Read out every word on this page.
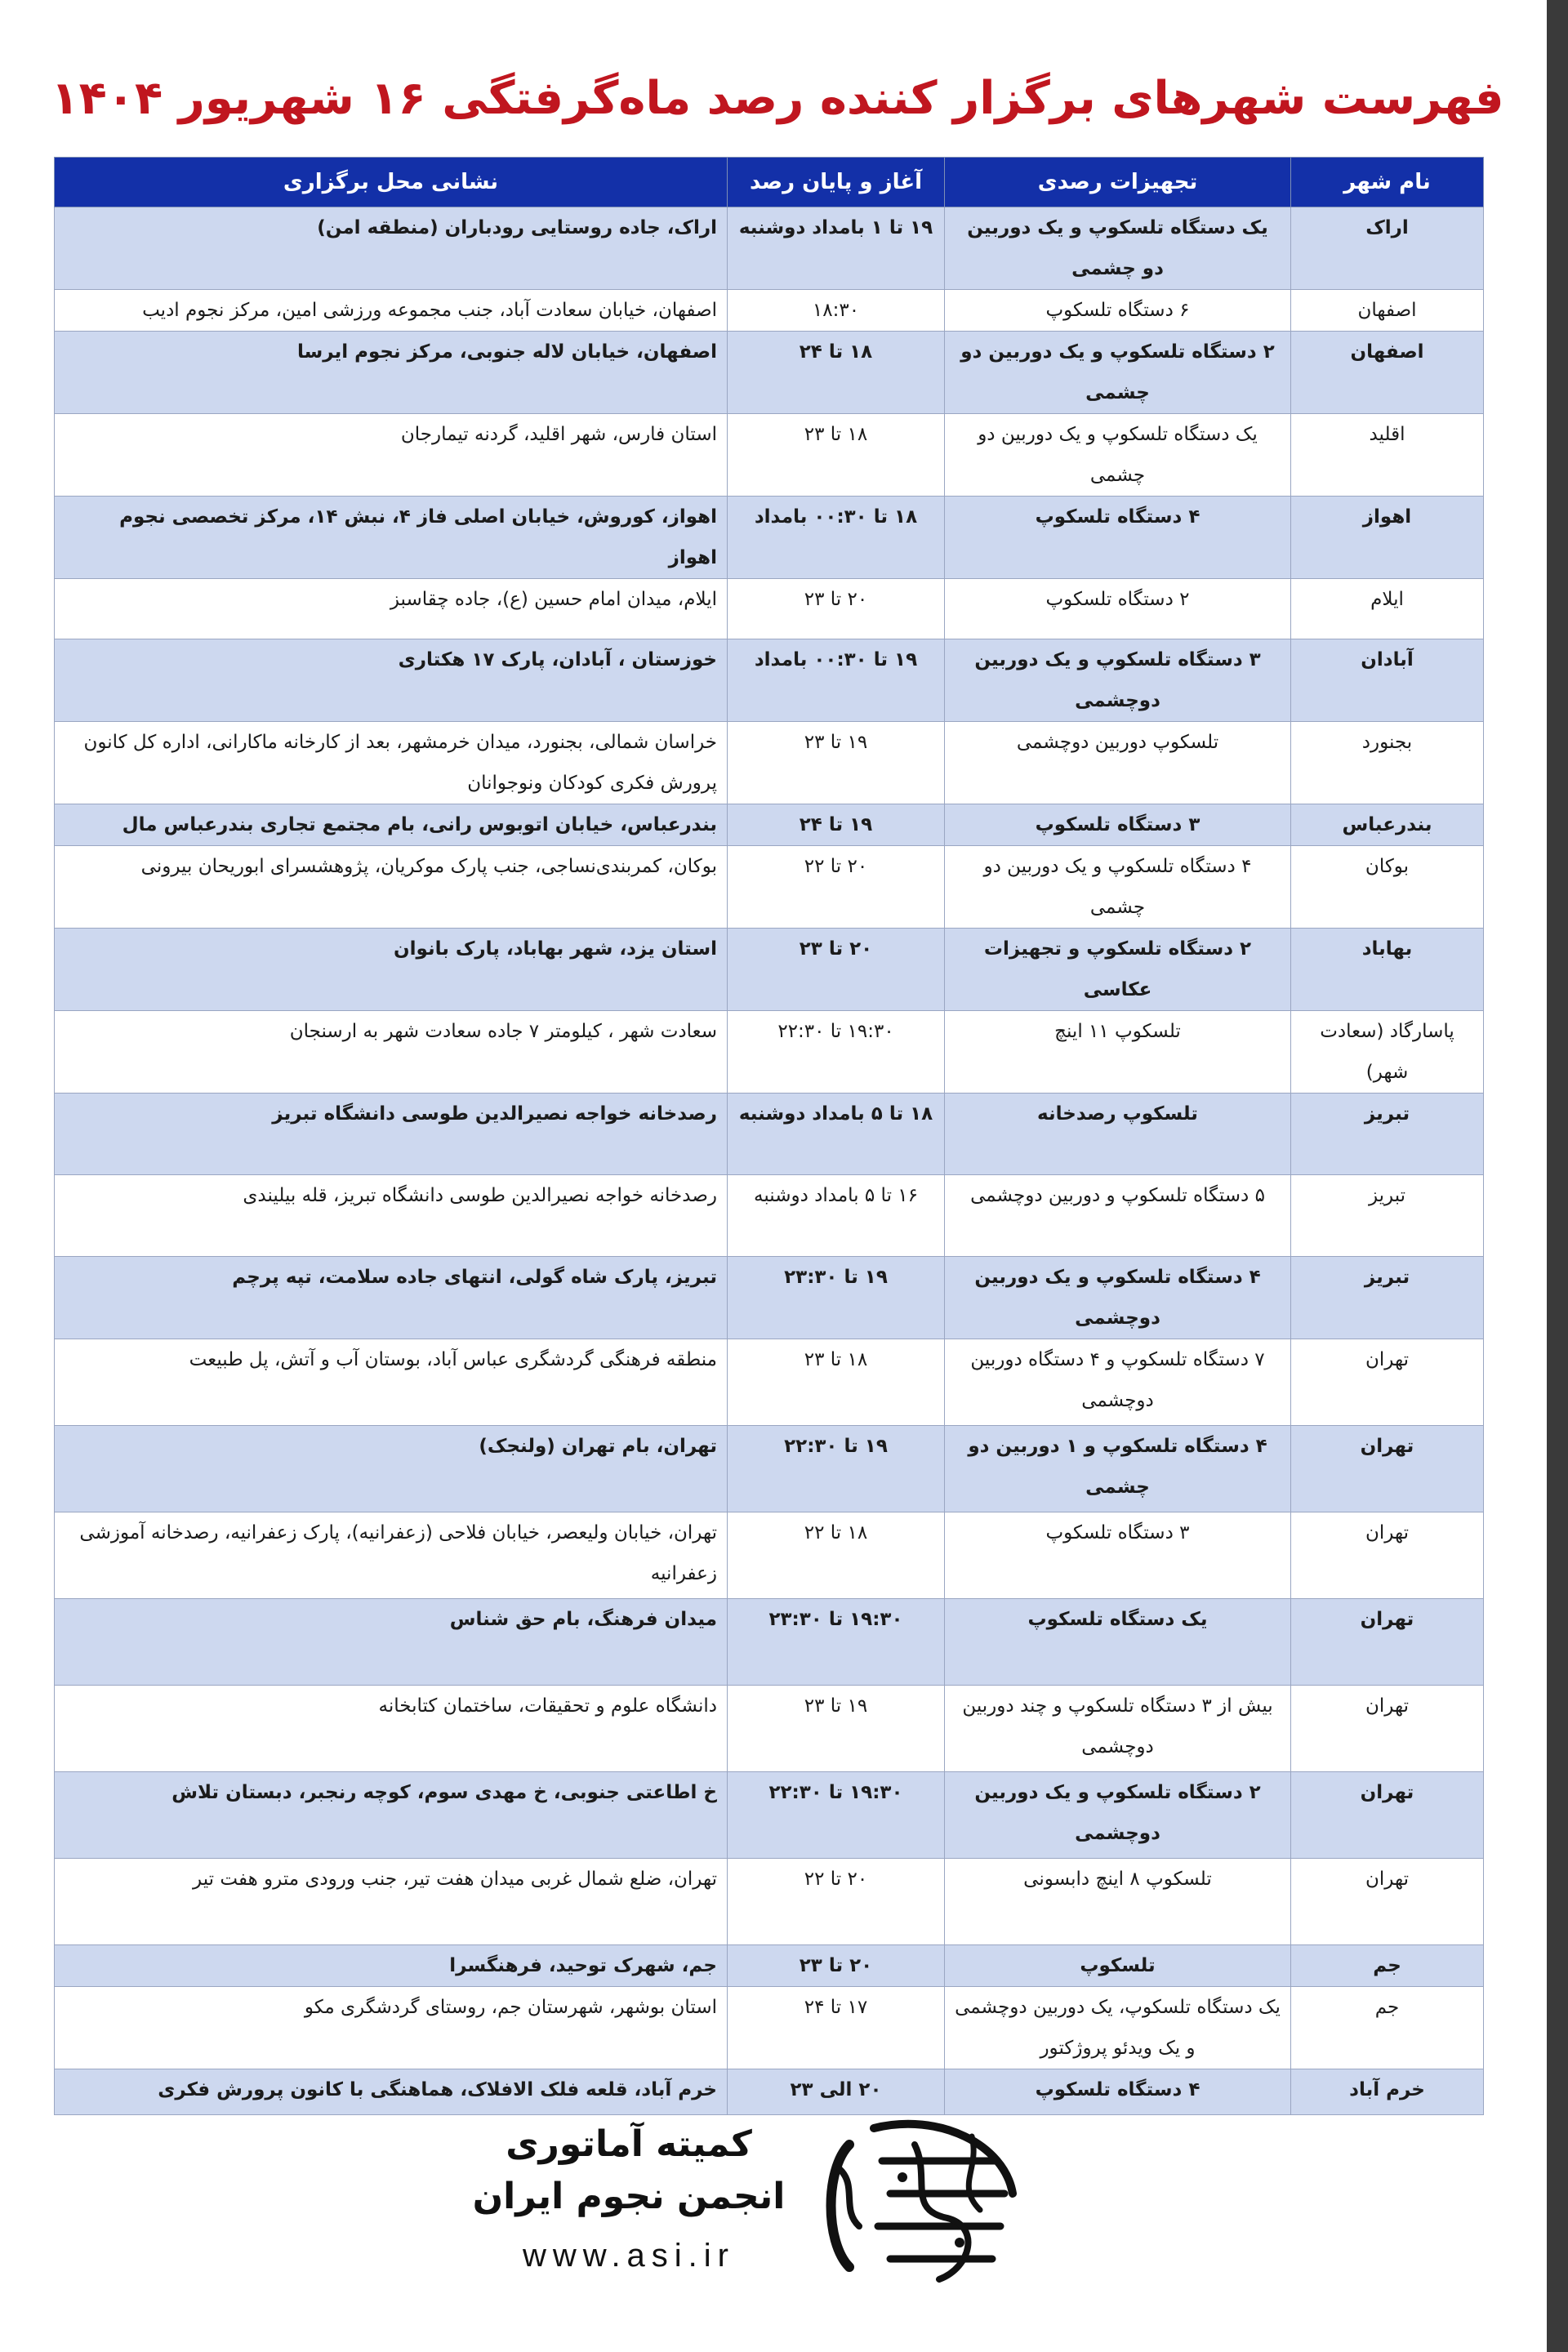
فهرست شهرهای برگزار کننده رصد ماه‌گرفتگی ۱۶ شهریور ۱۴۰۴
نام شهر	تجهیزات رصدی	آغاز و پایان رصد	نشانی محل برگزاری
اراک	یک دستگاه تلسکوپ و یک دوربین دو چشمی	۱۹ تا ۱ بامداد دوشنبه	اراک، جاده روستایی رودباران (منطقه امن)
اصفهان	۶ دستگاه تلسکوپ	۱۸:۳۰	اصفهان، خیابان سعادت آباد، جنب مجموعه ورزشی امین، مرکز نجوم ادیب
اصفهان	۲ دستگاه تلسکوپ و یک دوربین دو چشمی	۱۸ تا ۲۴	اصفهان، خیابان لاله جنوبی، مرکز نجوم ایرسا
اقلید	یک دستگاه تلسکوپ و یک دوربین دو چشمی	۱۸ تا ۲۳	استان فارس، شهر اقلید، گردنه تیمارجان
اهواز	۴ دستگاه تلسکوپ	۱۸ تا ۰۰:۳۰ بامداد	اهواز، کوروش، خیابان اصلی فاز ۴، نبش ۱۴، مرکز تخصصی نجوم اهواز
ایلام	۲ دستگاه تلسکوپ	۲۰ تا ۲۳	ایلام، میدان امام حسین (ع)، جاده چقاسبز
آبادان	۳ دستگاه تلسکوپ و یک دوربین دوچشمی	۱۹ تا ۰۰:۳۰ بامداد	خوزستان ، آبادان، پارک ۱۷ هکتاری
بجنورد	تلسکوپ دوربین دوچشمی	۱۹ تا ۲۳	خراسان شمالی، بجنورد، میدان خرمشهر، بعد از کارخانه ماکارانی، اداره کل کانون پرورش فکری کودکان ونوجوانان
بندرعباس	۳ دستگاه تلسکوپ	۱۹ تا ۲۴	بندرعباس، خیابان اتوبوس رانی، بام مجتمع تجاری بندرعباس مال
بوکان	۴ دستگاه تلسکوپ و یک دوربین دو چشمی	۲۰ تا ۲۲	بوکان، کمربندی‌نساجی، جنب پارک موکریان، پژوهشسرای ابوریحان بیرونی
بهاباد	۲ دستگاه تلسکوپ و تجهیزات عکاسی	۲۰ تا ۲۳	استان یزد، شهر بهاباد، پارک بانوان
پاسارگاد (سعادت شهر)	تلسکوپ ۱۱ اینچ	۱۹:۳۰ تا ۲۲:۳۰	سعادت شهر ، کیلومتر ۷ جاده سعادت شهر به ارسنجان
تبریز	تلسکوپ رصدخانه	۱۸ تا ۵ بامداد دوشنبه	رصدخانه خواجه نصیرالدین طوسی دانشگاه تبریز
تبریز	۵ دستگاه تلسکوپ و دوربین دوچشمی	۱۶ تا ۵ بامداد دوشنبه	رصدخانه خواجه نصیرالدین طوسی دانشگاه تبریز، قله بیلیندی
تبریز	۴ دستگاه تلسکوپ و یک دوربین دوچشمی	۱۹ تا ۲۳:۳۰	تبریز، پارک شاه گولی، انتهای جاده سلامت، تپه پرچم
تهران	۷ دستگاه تلسکوپ و ۴ دستگاه دوربین دوچشمی	۱۸ تا ۲۳	منطقه فرهنگی گردشگری عباس آباد، بوستان آب و آتش، پل طبیعت
تهران	۴ دستگاه تلسکوپ و ۱ دوربین دو چشمی	۱۹ تا ۲۲:۳۰	تهران، بام تهران (ولنجک)
تهران	۳ دستگاه تلسکوپ	۱۸ تا ۲۲	تهران، خیابان ولیعصر، خیابان فلاحی (زعفرانیه)، پارک زعفرانیه، رصدخانه آموزشی زعفرانیه
تهران	یک دستگاه تلسکوپ	۱۹:۳۰ تا ۲۳:۳۰	میدان فرهنگ، بام حق شناس
تهران	بیش از ۳ دستگاه تلسکوپ و چند دوربین دوچشمی	۱۹ تا ۲۳	دانشگاه علوم و تحقیقات، ساختمان کتابخانه
تهران	۲ دستگاه تلسکوپ و یک دوربین دوچشمی	۱۹:۳۰ تا ۲۲:۳۰	خ اطاعتی جنوبی، خ مهدی سوم، کوچه رنجبر، دبستان تلاش
تهران	تلسکوپ ۸ اینچ دابسونی	۲۰ تا ۲۲	تهران، ضلع شمال غربی میدان هفت تیر، جنب ورودی مترو هفت تیر
جم	تلسکوپ	۲۰ تا ۲۳	جم، شهرک توحید، فرهنگسرا
جم	یک دستگاه تلسکوپ، یک دوربین دوچشمی و یک ویدئو پروژکتور	۱۷ تا ۲۴	استان بوشهر، شهرستان جم، روستای گردشگری مکو
خرم آباد	۴ دستگاه تلسکوپ	۲۰ الی ۲۳	خرم آباد، قلعه فلک الافلاک، هماهنگی با کانون پرورش فکری
کمیته آماتوری
انجمن نجوم ایران
www.asi.ir
